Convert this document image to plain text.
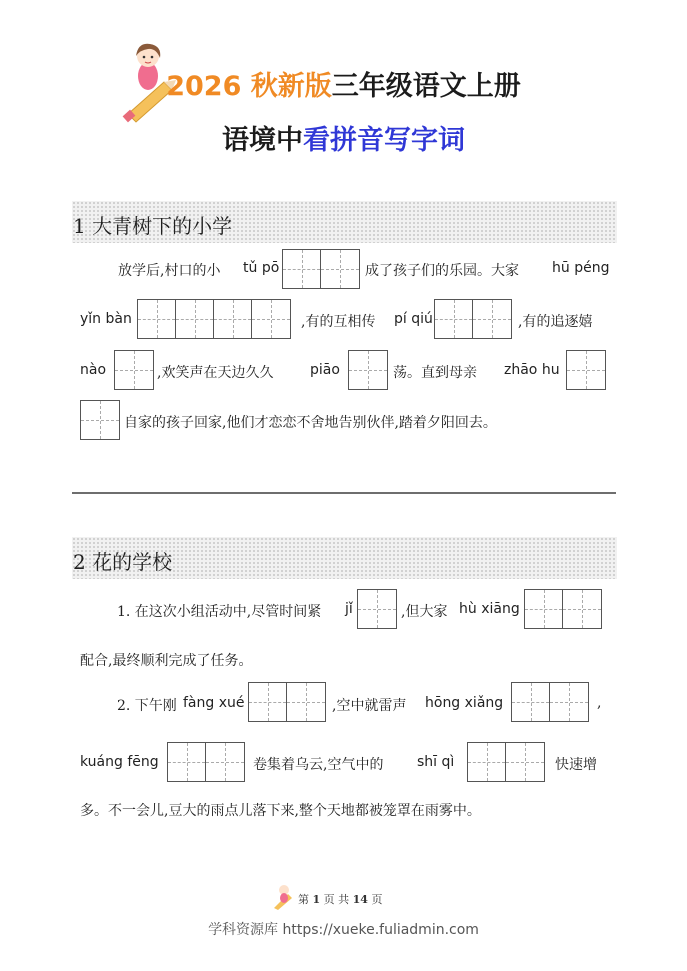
2026 秋新版三年级语文上册
语境中看拼音写字词
1 大青树下的小学
放学后,村口的小 tǔ pō	成了孩子们的乐园。大家 hū péng
yǐn bàn	,有的互相传 pí qiú	,有的追逐嬉
nào	,欢笑声在天边久久	piāo	荡。直到母亲 zhāo hu
自家的孩子回家,他们才恋恋不舍地告别伙伴,踏着夕阳回去。
2 花的学校
1. 在这次小组活动中,尽管时间紧 jǐ	,但大家 hù xiāng
配合,最终顺利完成了任务。
2. 下午刚 fàng xué	,空中就雷声 hōng xiǎng	,
kuáng fēng	卷集着乌云,空气中的 shī qì	快速增
多。不一会儿,豆大的雨点儿落下来,整个天地都被笼罩在雨雾中。
第 1 页 共 14 页
学科资源库 https://xueke.fuliadmin.com
